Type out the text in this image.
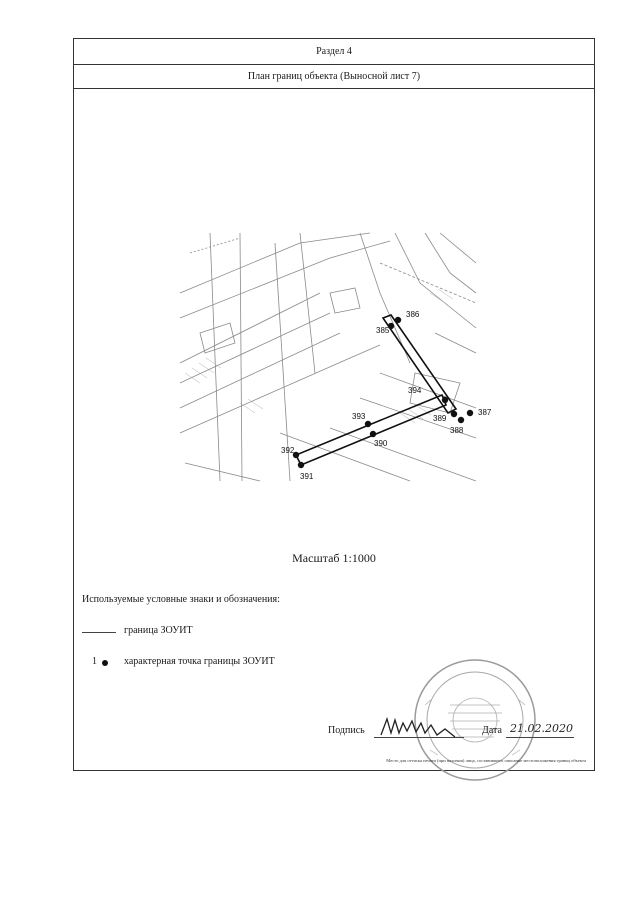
Раздел 4
План границ объекта (Выносной лист 7)
386
385
394
389
387
388
393
390
392
391
Масштаб 1:1000
Используемые условные знаки и обозначения:
граница ЗОУИТ
1	характерная точка границы ЗОУИТ
Подпись	Дата 21.02.2020
Место для оттиска печати (при наличии) лица, составившего описание местоположения границ объекта
